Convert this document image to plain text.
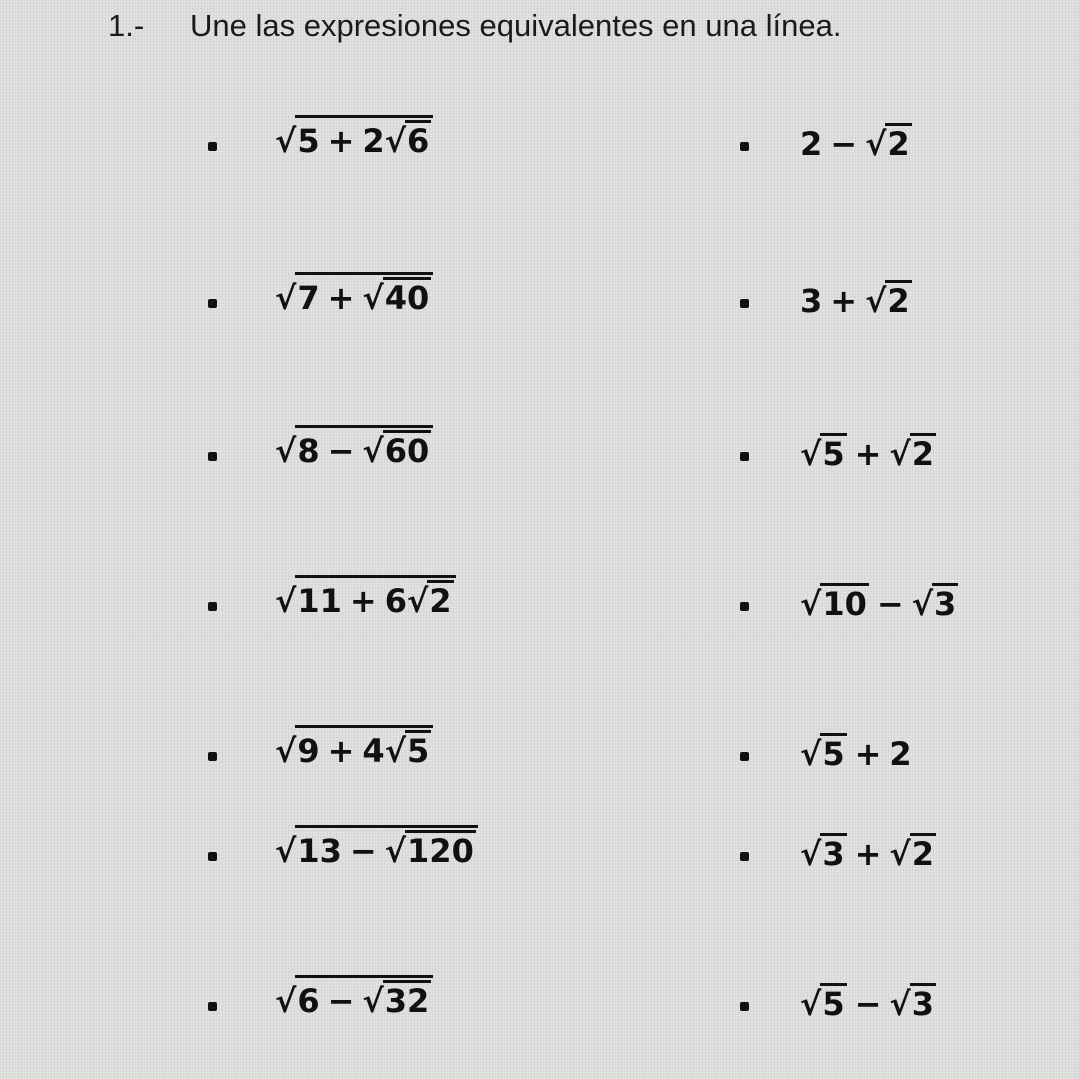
1.- Une las expresiones equivalentes en una línea.
√ 5 + 2 √ 6
√ 7 + √ 40
√ 8 − √ 60
√ 11 + 6 √ 2
√ 9 + 4 √ 5
√ 13 − √ 120
√ 6 − √ 32
2 − √ 2
3 + √ 2
√ 5 + √ 2
√ 10 − √ 3
√ 5 + 2
√ 3 + √ 2
√ 5 − √ 3
